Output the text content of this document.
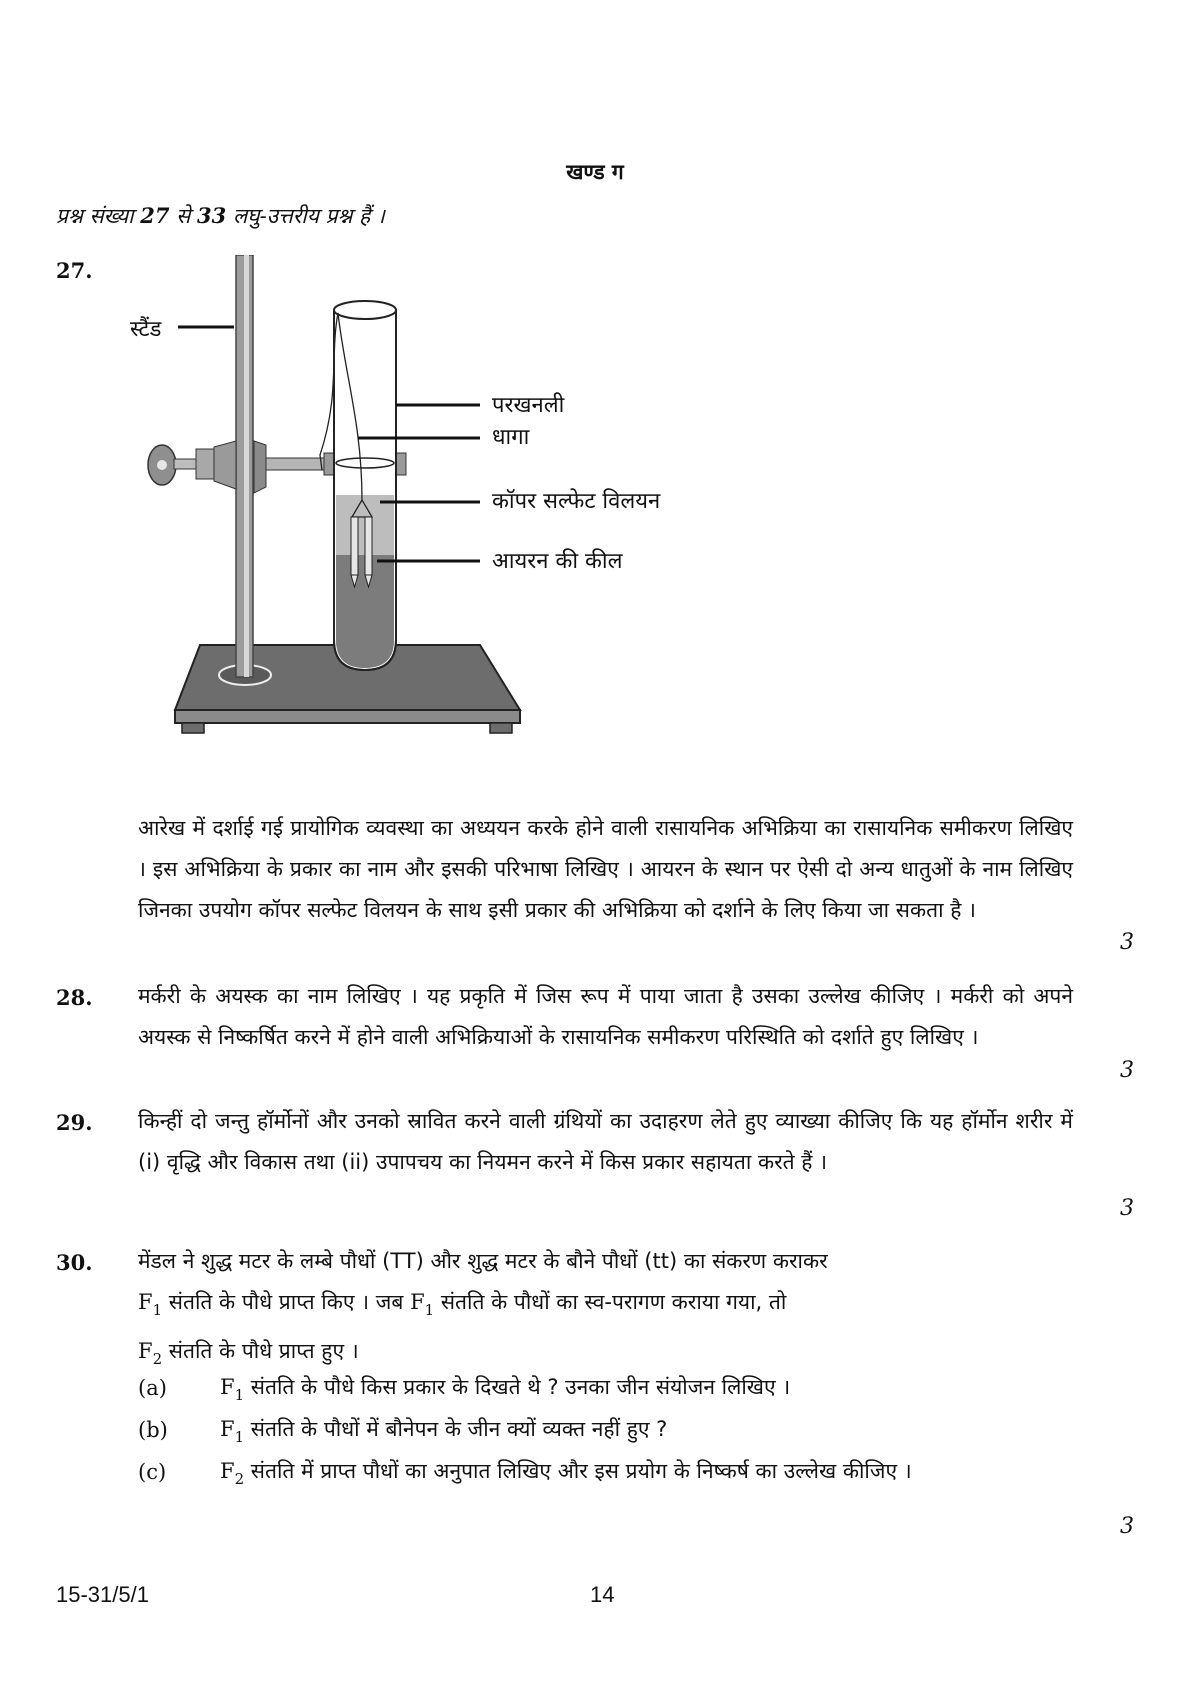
खण्ड ग
प्रश्न संख्या 27 से 33 लघु-उत्तरीय प्रश्न हैं ।
27.
स्टैंड
परखनली
धागा
कॉपर सल्फेट विलयन
आयरन की कील
आरेख में दर्शाई गई प्रायोगिक व्यवस्था का अध्ययन करके होने वाली रासायनिक अभिक्रिया का रासायनिक समीकरण लिखिए । इस अभिक्रिया के प्रकार का नाम और इसकी परिभाषा लिखिए । आयरन के स्थान पर ऐसी दो अन्य धातुओं के नाम लिखिए जिनका उपयोग कॉपर सल्फेट विलयन के साथ इसी प्रकार की अभिक्रिया को दर्शाने के लिए किया जा सकता है ।
3
28. मर्करी के अयस्क का नाम लिखिए । यह प्रकृति में जिस रूप में पाया जाता है उसका उल्लेख कीजिए । मर्करी को अपने अयस्क से निष्कर्षित करने में होने वाली अभिक्रियाओं के रासायनिक समीकरण परिस्थिति को दर्शाते हुए लिखिए ।
3
29. किन्हीं दो जन्तु हॉर्मोनों और उनको स्रावित करने वाली ग्रंथियों का उदाहरण लेते हुए व्याख्या कीजिए कि यह हॉर्मोन शरीर में (i) वृद्धि और विकास तथा (ii) उपापचय का नियमन करने में किस प्रकार सहायता करते हैं ।
3
30. मेंडल ने शुद्ध मटर के लम्बे पौधों (TT) और शुद्ध मटर के बौने पौधों (tt) का संकरण कराकर
$F_1$ संतति के पौधे प्राप्त किए । जब $F_1$ संतति के पौधों का स्व-परागण कराया गया, तो
$F_2$ संतति के पौधे प्राप्त हुए ।
(a)	$F_1$ संतति के पौधे किस प्रकार के दिखते थे ? उनका जीन संयोजन लिखिए ।
(b) $F_1$ संतति के पौधों में बौनेपन के जीन क्यों व्यक्त नहीं हुए ?
(c)	$F_2$ संतति में प्राप्त पौधों का अनुपात लिखिए और इस प्रयोग के निष्कर्ष का उल्लेख कीजिए ।
3
15-31/5/1	14
